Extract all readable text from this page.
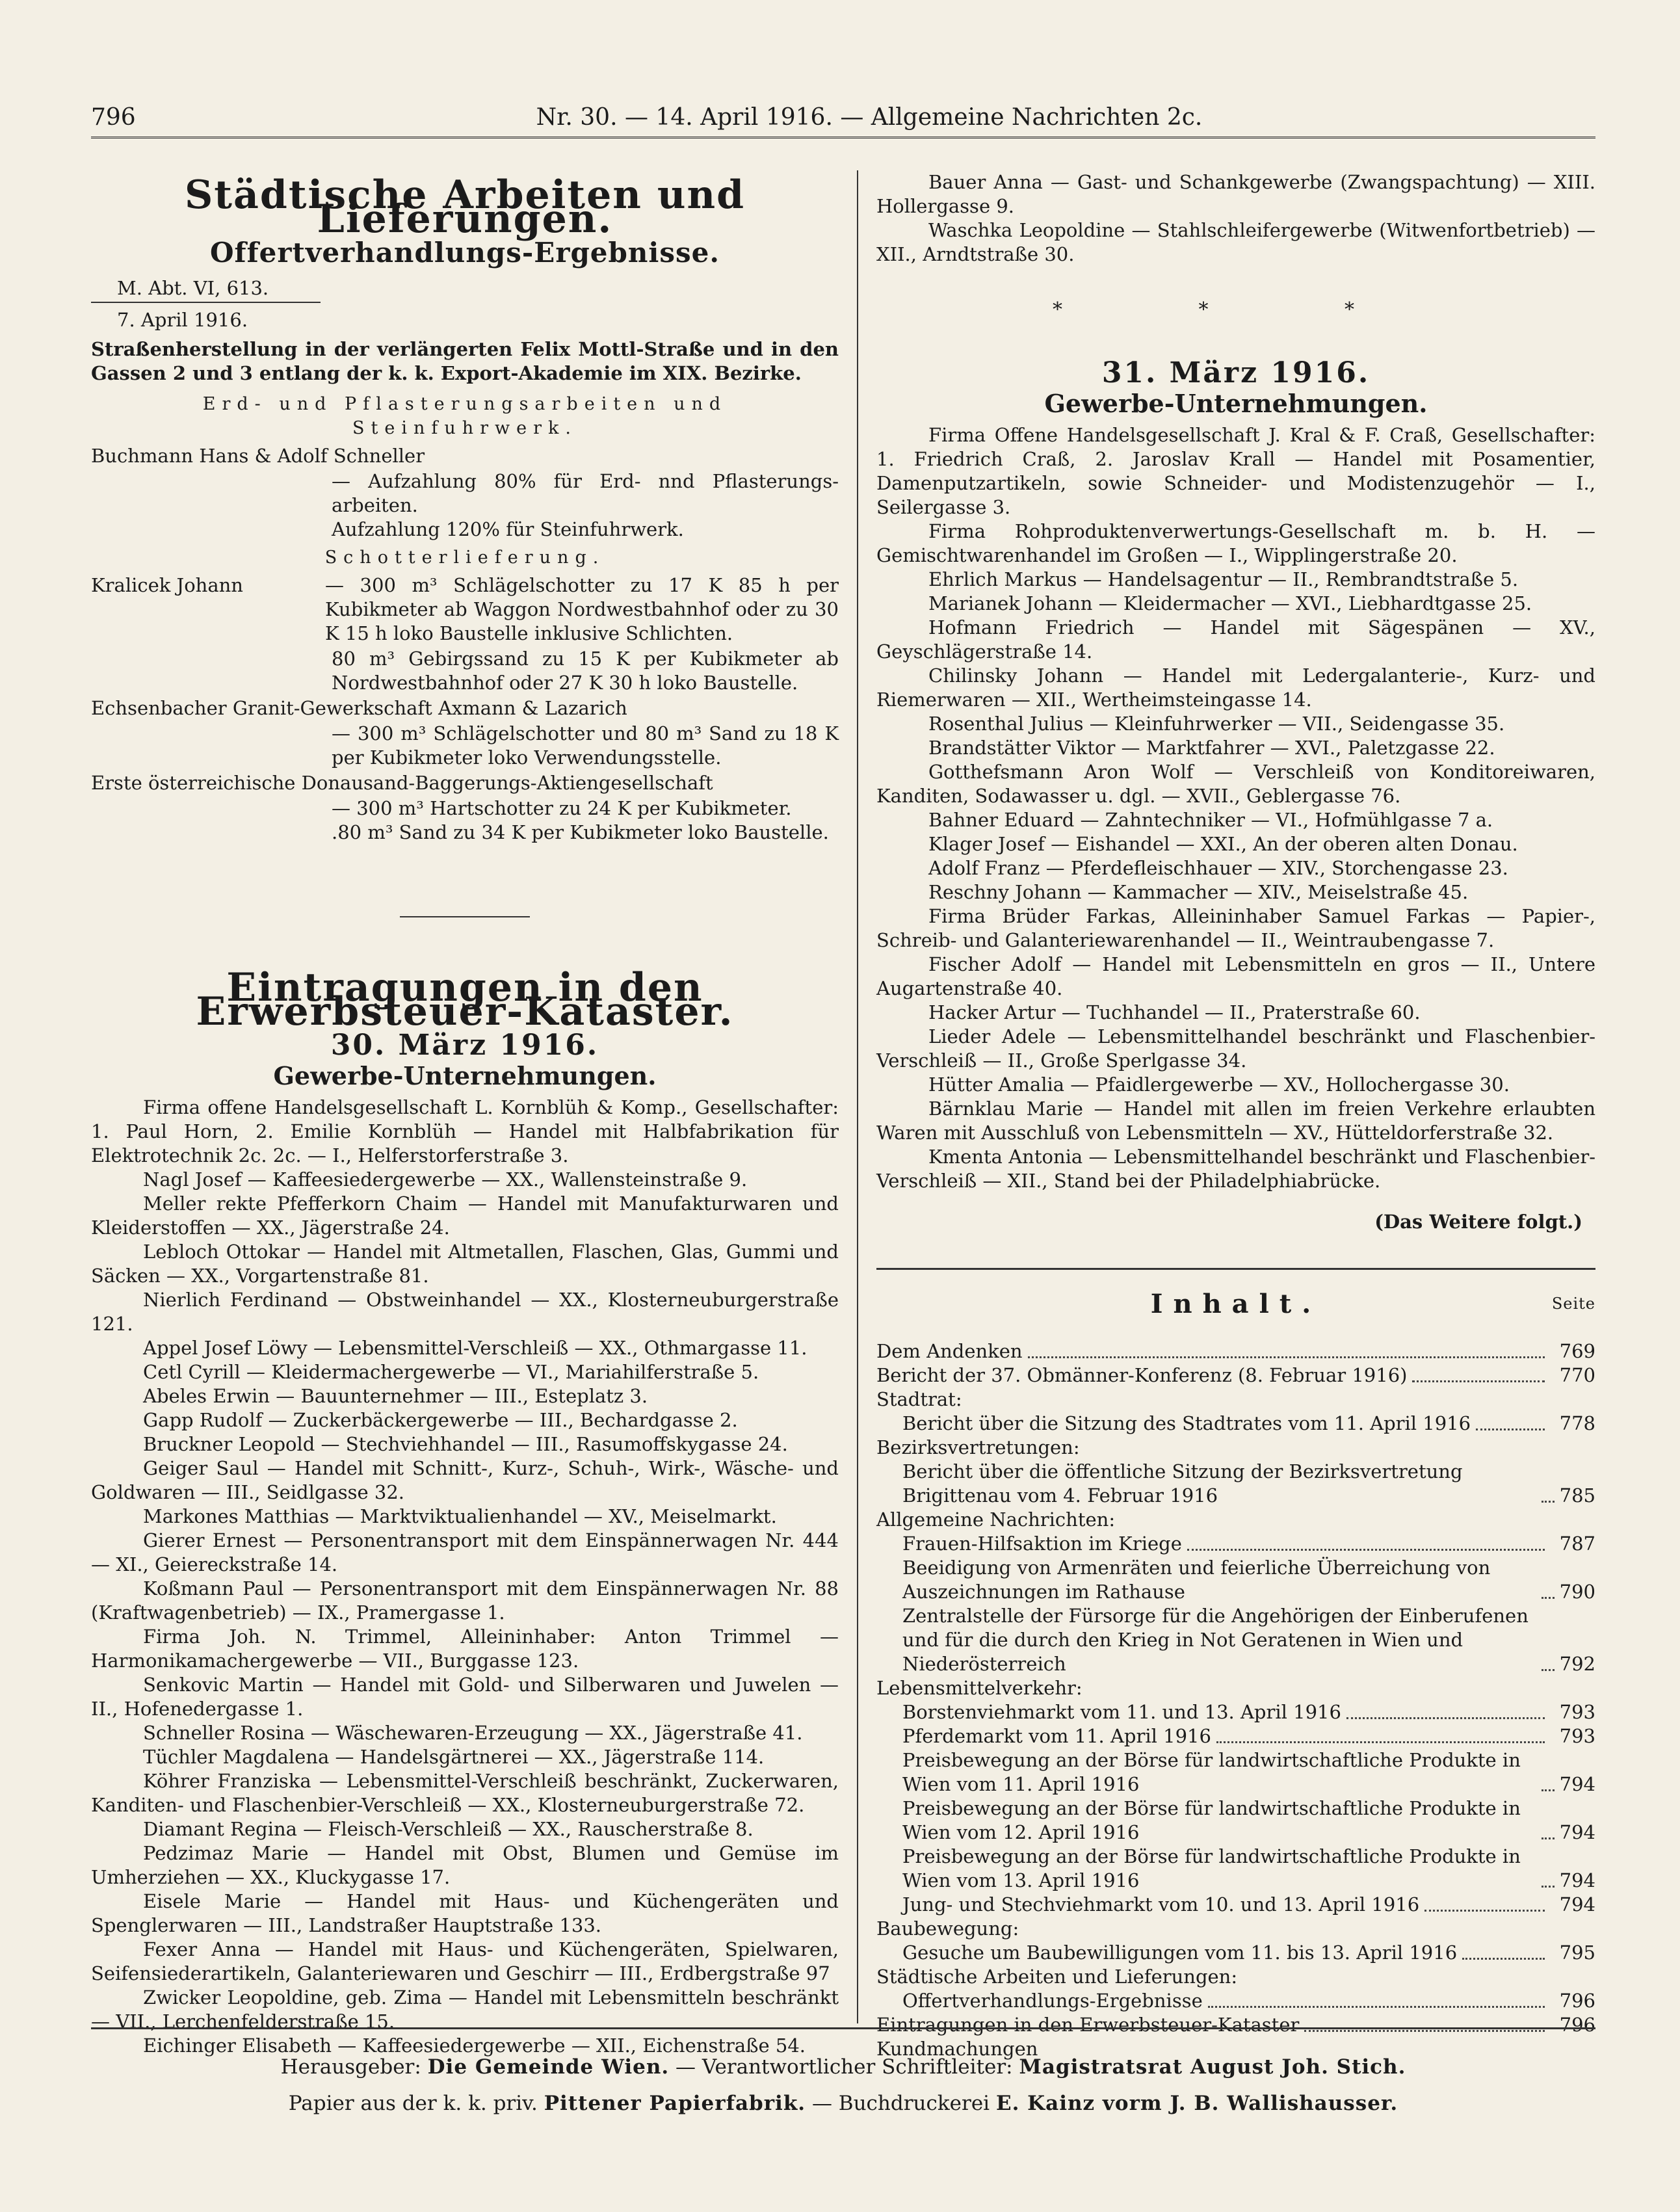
796	Nr. 30. — 14. April 1916. — Allgemeine Nachrichten 2c.
Städtische Arbeiten und Lieferungen.
Offertverhandlungs-Ergebnisse.
M. Abt. VI, 613.
7. April 1916.
Straßenherstellung in der verlängerten Felix Mottl-Straße und in den Gassen 2 und 3 entlang der k. k. Export-Akademie im XIX. Bezirke.
Erd- und Pflasterungsarbeiten und Steinfuhrwerk.
Buchmann Hans & Adolf Schneller
— Aufzahlung 80% für Erd- nnd Pflasterungs-arbeiten.
Aufzahlung 120% für Steinfuhrwerk.
Schotterlieferung.
Kralicek Johann	— 300 m³ Schlägelschotter zu 17 K 85 h per Kubikmeter ab Waggon Nordwestbahnhof oder zu 30 K 15 h loko Baustelle inklusive Schlichten.
80 m³ Gebirgssand zu 15 K per Kubikmeter ab Nordwestbahnhof oder 27 K 30 h loko Baustelle.
Echsenbacher Granit-Gewerkschaft Axmann & Lazarich
— 300 m³ Schlägelschotter und 80 m³ Sand zu 18 K per Kubikmeter loko Verwendungsstelle.
Erste österreichische Donausand-Baggerungs-Aktiengesellschaft
— 300 m³ Hartschotter zu 24 K per Kubikmeter.
.80 m³ Sand zu 34 K per Kubikmeter loko Baustelle.
Eintragungen in den Erwerbsteuer-Kataster.
30. März 1916.
Gewerbe-Unternehmungen.

Firma offene Handelsgesellschaft L. Kornblüh & Komp., Gesellschafter: 1. Paul Horn, 2. Emilie Kornblüh — Handel mit Halbfabrikation für Elektrotechnik 2c. 2c. — I., Helferstorferstraße 3.

Nagl Josef — Kaffeesiedergewerbe — XX., Wallensteinstraße 9.

Meller rekte Pfefferkorn Chaim — Handel mit Manufakturwaren und Kleiderstoffen — XX., Jägerstraße 24.

Lebloch Ottokar — Handel mit Altmetallen, Flaschen, Glas, Gummi und Säcken — XX., Vorgartenstraße 81.

Nierlich Ferdinand — Obstweinhandel — XX., Klosterneuburgerstraße 121.

Appel Josef Löwy — Lebensmittel-Verschleiß — XX., Othmargasse 11.

Cetl Cyrill — Kleidermachergewerbe — VI., Mariahilferstraße 5.

Abeles Erwin — Bauunternehmer — III., Esteplatz 3.

Gapp Rudolf — Zuckerbäckergewerbe — III., Bechardgasse 2.

Bruckner Leopold — Stechviehhandel — III., Rasumoffskygasse 24.

Geiger Saul — Handel mit Schnitt-, Kurz-, Schuh-, Wirk-, Wäsche- und Goldwaren — III., Seidlgasse 32.

Markones Matthias — Marktviktualienhandel — XV., Meiselmarkt.

Gierer Ernest — Personentransport mit dem Einspännerwagen Nr. 444 — XI., Geiereckstraße 14.

Koßmann Paul — Personentransport mit dem Einspännerwagen Nr. 88 (Kraftwagenbetrieb) — IX., Pramergasse 1.

Firma Joh. N. Trimmel, Alleininhaber: Anton Trimmel — Harmonikamachergewerbe — VII., Burggasse 123.

Senkovic Martin — Handel mit Gold- und Silberwaren und Juwelen — II., Hofenedergasse 1.

Schneller Rosina — Wäschewaren-Erzeugung — XX., Jägerstraße 41.

Tüchler Magdalena — Handelsgärtnerei — XX., Jägerstraße 114.

Köhrer Franziska — Lebensmittel-Verschleiß beschränkt, Zuckerwaren, Kanditen- und Flaschenbier-Verschleiß — XX., Klosterneuburgerstraße 72.

Diamant Regina — Fleisch-Verschleiß — XX., Rauscherstraße 8.

Pedzimaz Marie — Handel mit Obst, Blumen und Gemüse im Umherziehen — XX., Kluckygasse 17.

Eisele Marie — Handel mit Haus- und Küchengeräten und Spenglerwaren — III., Landstraßer Hauptstraße 133.

Fexer Anna — Handel mit Haus- und Küchengeräten, Spielwaren, Seifensiederartikeln, Galanteriewaren und Geschirr — III., Erdbergstraße 97

Zwicker Leopoldine, geb. Zima — Handel mit Lebensmitteln beschränkt — VII., Lerchenfelderstraße 15.

Eichinger Elisabeth — Kaffeesiedergewerbe — XII., Eichenstraße 54.

Bauer Anna — Gast- und Schankgewerbe (Zwangspachtung) — XIII. Hollergasse 9.

Waschka Leopoldine — Stahlschleifergewerbe (Witwenfortbetrieb) — XII., Arndtstraße 30.

* * *
31. März 1916.
Gewerbe-Unternehmungen.

Firma Offene Handelsgesellschaft J. Kral & F. Craß, Gesellschafter: 1. Friedrich Craß, 2. Jaroslav Krall — Handel mit Posamentier, Damenputzartikeln, sowie Schneider- und Modistenzugehör — I., Seilergasse 3.

Firma Rohproduktenverwertungs-Gesellschaft m. b. H. — Gemischtwarenhandel im Großen — I., Wipplingerstraße 20.

Ehrlich Markus — Handelsagentur — II., Rembrandtstraße 5.

Marianek Johann — Kleidermacher — XVI., Liebhardtgasse 25.

Hofmann Friedrich — Handel mit Sägespänen — XV., Geyschlägerstraße 14.

Chilinsky Johann — Handel mit Ledergalanterie-, Kurz- und Riemerwaren — XII., Wertheimsteingasse 14.

Rosenthal Julius — Kleinfuhrwerker — VII., Seidengasse 35.

Brandstätter Viktor — Marktfahrer — XVI., Paletzgasse 22.

Gotthefsmann Aron Wolf — Verschleiß von Konditoreiwaren, Kanditen, Sodawasser u. dgl. — XVII., Geblergasse 76.

Bahner Eduard — Zahntechniker — VI., Hofmühlgasse 7 a.

Klager Josef — Eishandel — XXI., An der oberen alten Donau.

Adolf Franz — Pferdefleischhauer — XIV., Storchengasse 23.

Reschny Johann — Kammacher — XIV., Meiselstraße 45.

Firma Brüder Farkas, Alleininhaber Samuel Farkas — Papier-, Schreib- und Galanteriewarenhandel — II., Weintraubengasse 7.

Fischer Adolf — Handel mit Lebensmitteln en gros — II., Untere Augartenstraße 40.

Hacker Artur — Tuchhandel — II., Praterstraße 60.

Lieder Adele — Lebensmittelhandel beschränkt und Flaschenbier-Verschleiß — II., Große Sperlgasse 34.

Hütter Amalia — Pfaidlergewerbe — XV., Hollochergasse 30.

Bärnklau Marie — Handel mit allen im freien Verkehre erlaubten Waren mit Ausschluß von Lebensmitteln — XV., Hütteldorferstraße 32.

Kmenta Antonia — Lebensmittelhandel beschränkt und Flaschenbier-Verschleiß — XII., Stand bei der Philadelphiabrücke.

(Das Weitere folgt.)
Inhalt.	Seite
Dem Andenken	769
Bericht der 37. Obmänner-Konferenz (8. Februar 1916)	770
Stadtrat:
Bericht über die Sitzung des Stadtrates vom 11. April 1916	778
Bezirksvertretungen:
Bericht über die öffentliche Sitzung der Bezirksvertretung Brigittenau vom 4. Februar 1916	785
Allgemeine Nachrichten:
Frauen-Hilfsaktion im Kriege	787
Beeidigung von Armenräten und feierliche Überreichung von Auszeichnungen im Rathause	790
Zentralstelle der Fürsorge für die Angehörigen der Einberufenen und für die durch den Krieg in Not Geratenen in Wien und Niederösterreich	792
Lebensmittelverkehr:
Borstenviehmarkt vom 11. und 13. April 1916	793
Pferdemarkt vom 11. April 1916	793
Preisbewegung an der Börse für landwirtschaftliche Produkte in Wien vom 11. April 1916	794
Preisbewegung an der Börse für landwirtschaftliche Produkte in Wien vom 12. April 1916	794
Preisbewegung an der Börse für landwirtschaftliche Produkte in Wien vom 13. April 1916	794
Jung- und Stechviehmarkt vom 10. und 13. April 1916	794
Baubewegung:
Gesuche um Baubewilligungen vom 11. bis 13. April 1916	795
Städtische Arbeiten und Lieferungen:
Offertverhandlungs-Ergebnisse	796
Eintragungen in den Erwerbsteuer-Kataster	796
Kundmachungen
Herausgeber: Die Gemeinde Wien. — Verantwortlicher Schriftleiter: Magistratsrat August Joh. Stich.
Papier aus der k. k. priv. Pittener Papierfabrik. — Buchdruckerei E. Kainz vorm J. B. Wallishausser.
